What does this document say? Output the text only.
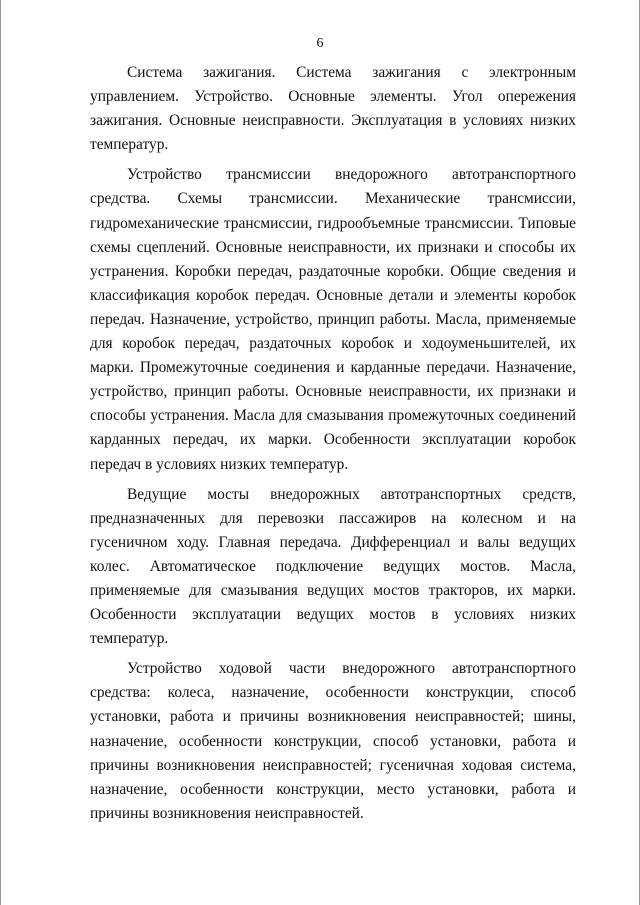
6

Система зажигания. Система зажигания с электронным управлением. Устройство. Основные элементы. Угол опережения зажигания. Основные неисправности. Эксплуатация в условиях низких температур.

Устройство трансмиссии внедорожного автотранспортного средства. Схемы трансмиссии. Механические трансмиссии, гидромеханические трансмиссии, гидрообъемные трансмиссии. Типовые схемы сцеплений. Основные неисправности, их признаки и способы их устранения. Коробки передач, раздаточные коробки. Общие сведения и классификация коробок передач. Основные детали и элементы коробок передач. Назначение, устройство, принцип работы. Масла, применяемые для коробок передач, раздаточных коробок и ходоуменьшителей, их марки. Промежуточные соединения и карданные передачи. Назначение, устройство, принцип работы. Основные неисправности, их признаки и способы устранения. Масла для смазывания промежуточных соединений карданных передач, их марки. Особенности эксплуатации коробок передач в условиях низких температур.

Ведущие мосты внедорожных автотранспортных средств, предназначенных для перевозки пассажиров на колесном и на гусеничном ходу. Главная передача. Дифференциал и валы ведущих колес. Автоматическое подключение ведущих мостов. Масла, применяемые для смазывания ведущих мостов тракторов, их марки. Особенности эксплуатации ведущих мостов в условиях низких температур.

Устройство ходовой части внедорожного автотранспортного средства: колеса, назначение, особенности конструкции, способ установки, работа и причины возникновения неисправностей; шины, назначение, особенности конструкции, способ установки, работа и причины возникновения неисправностей; гусеничная ходовая система, назначение, особенности конструкции, место установки, работа и причины возникновения неисправностей.
